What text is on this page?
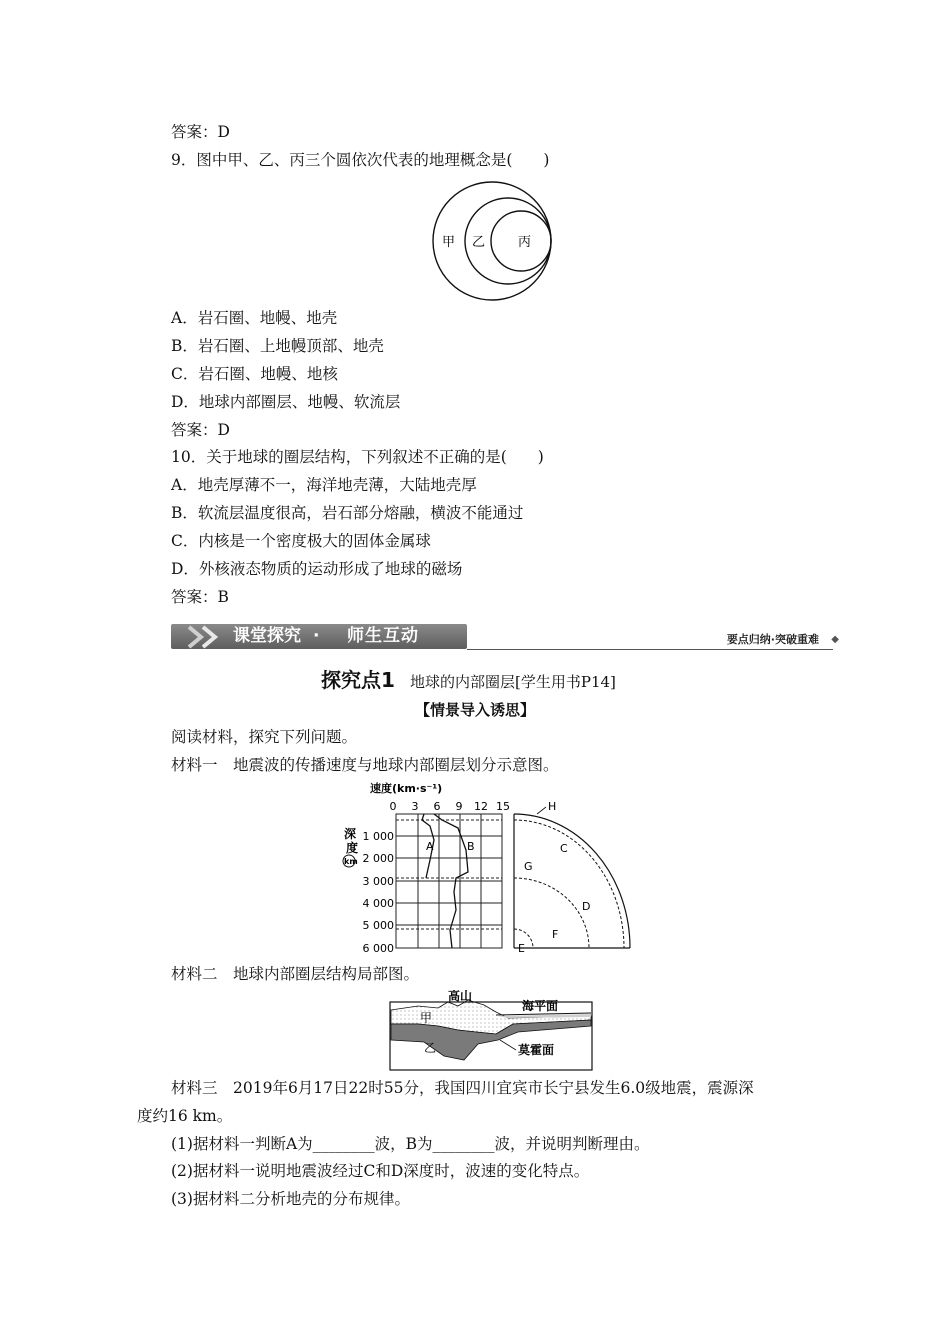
答案：D
9．图中甲、乙、丙三个圆依次代表的地理概念是(　　)
甲 乙	丙
A．岩石圈、地幔、地壳
B．岩石圈、上地幔顶部、地壳
C．岩石圈、地幔、地核
D．地球内部圈层、地幔、软流层
答案：D
10．关于地球的圈层结构，下列叙述不正确的是(　　)
A．地壳厚薄不一，海洋地壳薄，大陆地壳厚
B．软流层温度很高，岩石部分熔融，横波不能通过
C．内核是一个密度极大的固体金属球
D．外核液态物质的运动形成了地球的磁场
答案：B
课堂探究 · 师生互动	要点归纳·突破重难 ◆
探究点1 地球的内部圈层[学生用书P14]
【情景导入诱思】
阅读材料，探究下列问题。
材料一　地震波的传播速度与地球内部圈层划分示意图。
速度(km·s⁻¹)
0 3 6 9 12 15
A	B
深
度
km
1 000
2 000
3 000
4 000
5 000
6 000
H
C
G
D
F
E
材料二　地球内部圈层结构局部图。
高山
海平面
甲
乙	莫霍面
材料三　2019年6月17日22时55分，我国四川宜宾市长宁县发生6.0级地震，震源深
度约16 km。
(1)据材料一判断A为________波，B为________波，并说明判断理由。
(2)据材料一说明地震波经过C和D深度时，波速的变化特点。
(3)据材料二分析地壳的分布规律。
